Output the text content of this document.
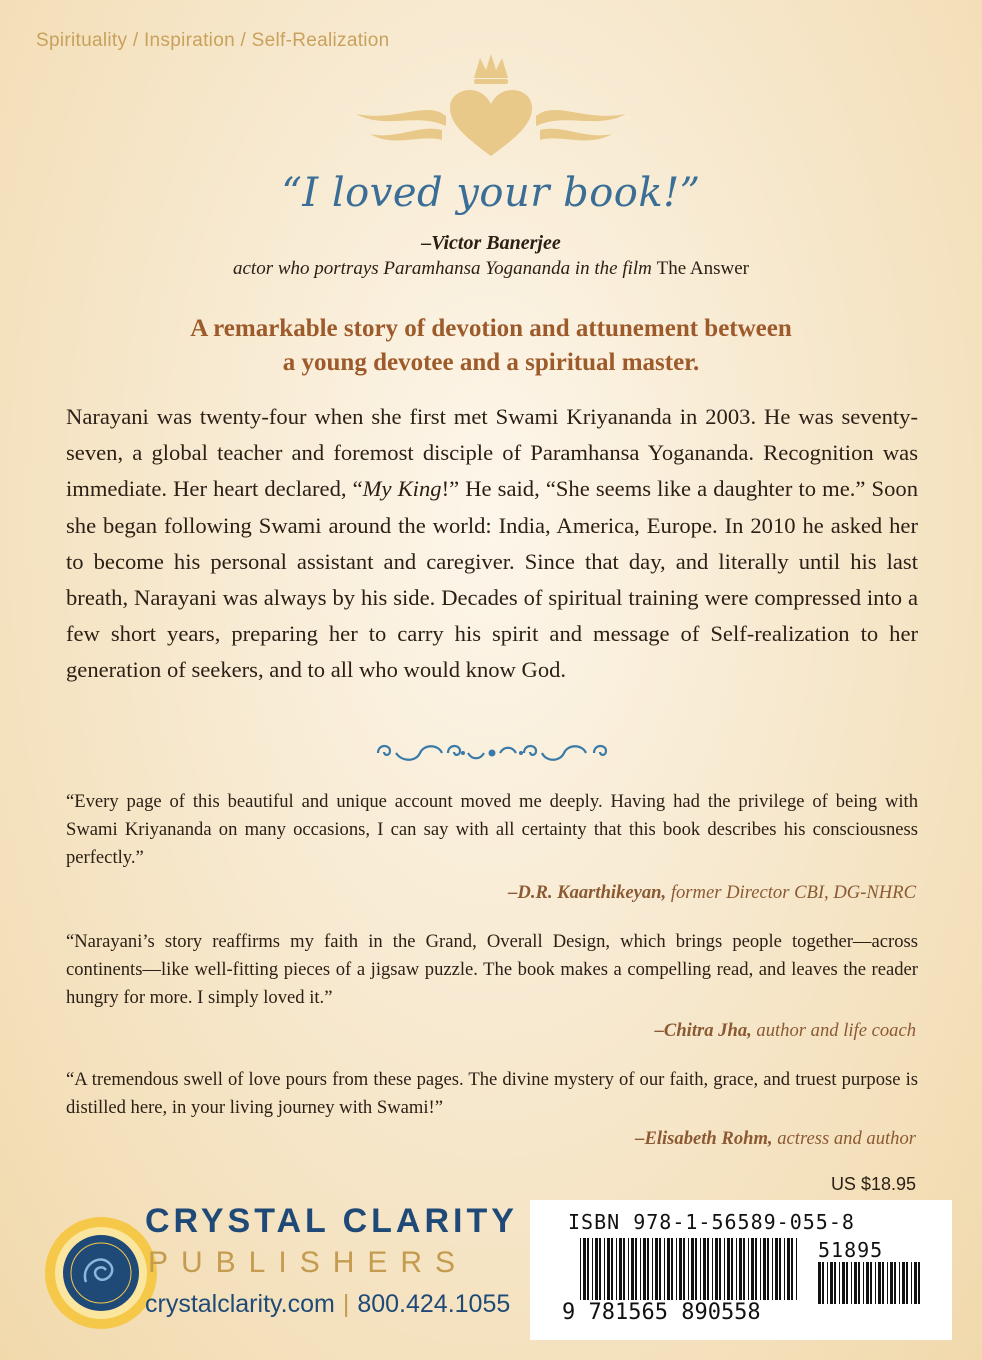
Spirituality / Inspiration / Self-Realization
“I loved your book!”
–Victor Banerjee
actor who portrays Paramhansa Yogananda in the film The Answer
A remarkable story of devotion and attunement between
a young devotee and a spiritual master.

Narayani was twenty-four when she first met Swami Kriyananda in 2003. He was seventy-seven, a global teacher and foremost disciple of Paramhansa Yogananda. Recognition was immediate. Her heart declared, “My King!” He said, “She seems like a daughter to me.” Soon she began following Swami around the world: India, America, Europe. In 2010 he asked her to become his personal assistant and caregiver. Since that day, and literally until his last breath, Narayani was always by his side. Decades of spiritual training were compressed into a few short years, preparing her to carry his spirit and message of Self-realization to her generation of seekers, and to all who would know God.

“Every page of this beautiful and unique account moved me deeply. Having had the privilege of being with Swami Kriyananda on many occasions, I can say with all certainty that this book describes his consciousness perfectly.”

–D.R. Kaarthikeyan, former Director CBI, DG-NHRC

“Narayani’s story reaffirms my faith in the Grand, Overall Design, which brings people together—across continents—like well-fitting pieces of a jigsaw puzzle. The book makes a compelling read, and leaves the reader hungry for more. I simply loved it.”

–Chitra Jha, author and life coach

“A tremendous swell of love pours from these pages. The divine mystery of our faith, grace, and truest purpose is distilled here, in your living journey with Swami!”

–Elisabeth Rohm, actress and author
US $18.95
CRYSTAL CLARITY
PUBLISHERS
crystalclarity.com | 800.424.1055
ISBN 978-1-56589-055-8
51895
9 781565 890558
